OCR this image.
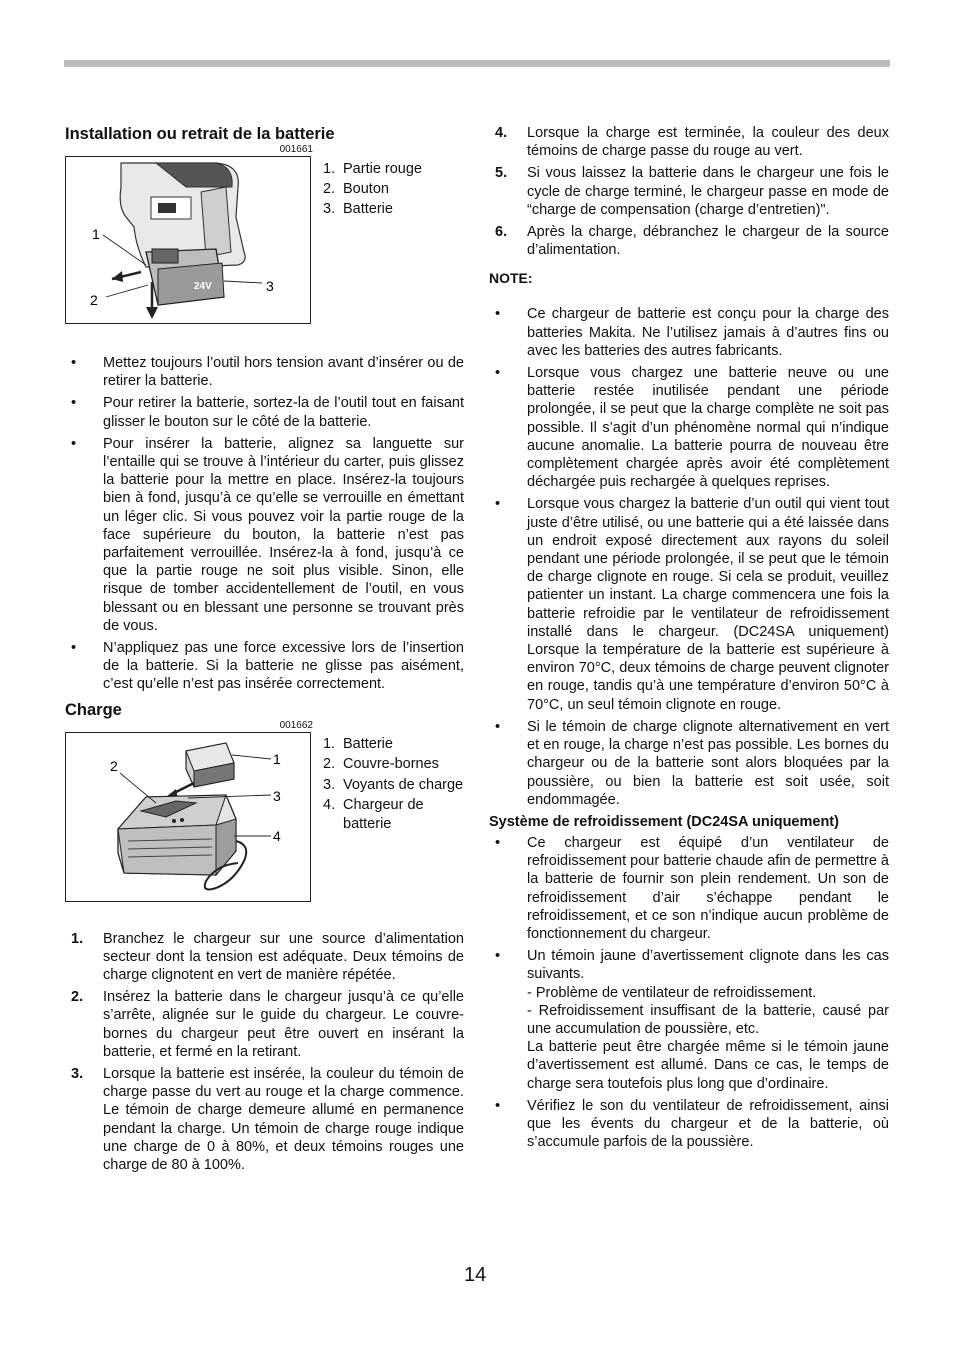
Installation ou retrait de la batterie
001661
24V
1
2
3
1. Partie rouge
2. Bouton
3. Batterie
•	Mettez toujours l’outil hors tension avant d’insérer ou de retirer la batterie.
•	Pour retirer la batterie, sortez-la de l’outil tout en faisant glisser le bouton sur le côté de la batterie.
•	Pour insérer la batterie, alignez sa languette sur l’entaille qui se trouve à l’intérieur du carter, puis glissez la batterie pour la mettre en place. Insérez-la toujours bien à fond, jusqu’à ce qu’elle se verrouille en émettant un léger clic. Si vous pouvez voir la partie rouge de la face supérieure du bouton, la batterie n’est pas parfaitement verrouillée. Insérez-la à fond, jusqu’à ce que la partie rouge ne soit plus visible. Sinon, elle risque de tomber accidentellement de l’outil, en vous blessant ou en blessant une personne se trouvant près de vous.
•	N’appliquez pas une force excessive lors de l’insertion de la batterie. Si la batterie ne glisse pas aisément, c’est qu’elle n’est pas insérée correctement.
Charge
001662
2	1
3
4
1. Batterie
2. Couvre-bornes
3. Voyants de charge
4. Chargeur de batterie
1.	Branchez le chargeur sur une source d’alimentation secteur dont la tension est adéquate. Deux témoins de charge clignotent en vert de manière répétée.
2.	Insérez la batterie dans le chargeur jusqu’à ce qu’elle s’arrête, alignée sur le guide du chargeur. Le couvre-bornes du chargeur peut être ouvert en insérant la batterie, et fermé en la retirant.
3.	Lorsque la batterie est insérée, la couleur du témoin de charge passe du vert au rouge et la charge commence. Le témoin de charge demeure allumé en permanence pendant la charge. Un témoin de charge rouge indique une charge de 0 à 80%, et deux témoins rouges une charge de 80 à 100%.
4.	Lorsque la charge est terminée, la couleur des deux témoins de charge passe du rouge au vert.
5.	Si vous laissez la batterie dans le chargeur une fois le cycle de charge terminé, le chargeur passe en mode de “charge de compensation (charge d’entretien)".
6.	Après la charge, débranchez le chargeur de la source d’alimentation.
NOTE:
•	Ce chargeur de batterie est conçu pour la charge des batteries Makita. Ne l’utilisez jamais à d’autres fins ou avec les batteries des autres fabricants.
•	Lorsque vous chargez une batterie neuve ou une batterie restée inutilisée pendant une période prolongée, il se peut que la charge complète ne soit pas possible. Il s’agit d’un phénomène normal qui n’indique aucune anomalie. La batterie pourra de nouveau être complètement chargée après avoir été complètement déchargée puis rechargée à quelques reprises.
•	Lorsque vous chargez la batterie d’un outil qui vient tout juste d’être utilisé, ou une batterie qui a été laissée dans un endroit exposé directement aux rayons du soleil pendant une période prolongée, il se peut que le témoin de charge clignote en rouge. Si cela se produit, veuillez patienter un instant. La charge commencera une fois la batterie refroidie par le ventilateur de refroidissement installé dans le chargeur. (DC24SA uniquement) Lorsque la température de la batterie est supérieure à environ 70°C, deux témoins de charge peuvent clignoter en rouge, tandis qu’à une température d’environ 50°C à 70°C, un seul témoin clignote en rouge.
•	Si le témoin de charge clignote alternativement en vert et en rouge, la charge n’est pas possible. Les bornes du chargeur ou de la batterie sont alors bloquées par la poussière, ou bien la batterie est soit usée, soit endommagée.
Système de refroidissement (DC24SA uniquement)
•	Ce chargeur est équipé d’un ventilateur de refroidissement pour batterie chaude afin de permettre à la batterie de fournir son plein rendement. Un son de refroidissement d’air s’échappe pendant le refroidissement, et ce son n’indique aucun problème de fonctionnement du chargeur.
•	Un témoin jaune d’avertissement clignote dans les cas suivants.
- Problème de ventilateur de refroidissement.
- Refroidissement insuffisant de la batterie, causé par une accumulation de poussière, etc.
La batterie peut être chargée même si le témoin jaune d’avertissement est allumé. Dans ce cas, le temps de charge sera toutefois plus long que d’ordinaire.
•	Vérifiez le son du ventilateur de refroidissement, ainsi que les évents du chargeur et de la batterie, où s’accumule parfois de la poussière.
14
